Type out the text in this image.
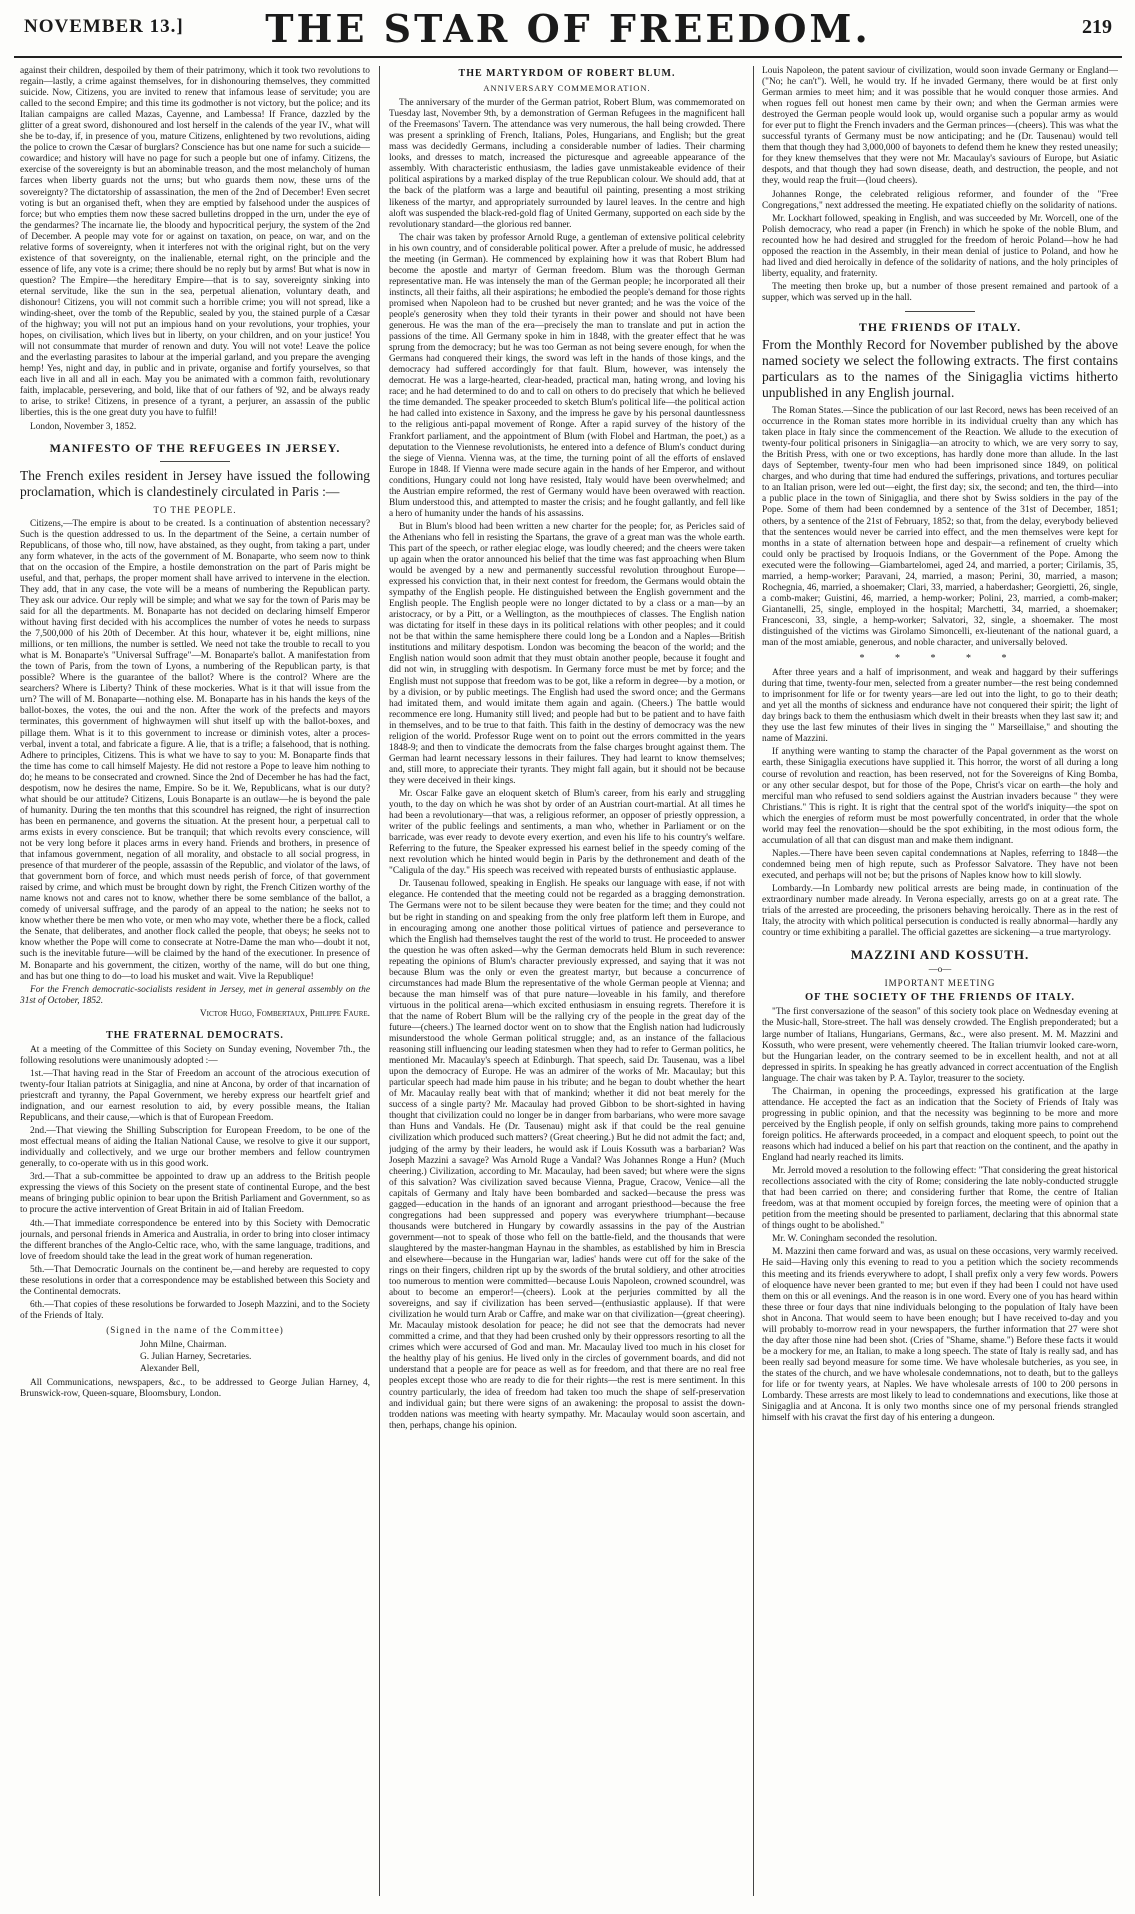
NOVEMBER 13.]	THE STAR OF FREEDOM.	219

against their children, despoiled by them of their patrimony, which it took two revolutions to regain—lastly, a crime against themselves, for in dishonouring themselves, they committed suicide. Now, Citizens, you are invited to renew that infamous lease of servitude; you are called to the second Empire; and this time its godmother is not victory, but the police; and its Italian campaigns are called Mazas, Cayenne, and Lambessa! If France, dazzled by the glitter of a great sword, dishonoured and lost herself in the calends of the year IV., what will she be to-day, if, in presence of you, mature Citizens, enlightened by two revolutions, aiding the police to crown the Cæsar of burglars? Conscience has but one name for such a suicide—cowardice; and history will have no page for such a people but one of infamy. Citizens, the exercise of the sovereignty is but an abominable treason, and the most melancholy of human farces when liberty guards not the urns; but who guards them now, these urns of the sovereignty? The dictatorship of assassination, the men of the 2nd of December! Even secret voting is but an organised theft, when they are emptied by falsehood under the auspices of force; but who empties them now these sacred bulletins dropped in the urn, under the eye of the gendarmes? The incarnate lie, the bloody and hypocritical perjury, the system of the 2nd of December. A people may vote for or against on taxation, on peace, on war, and on the relative forms of sovereignty, when it interferes not with the original right, but on the very existence of that sovereignty, on the inalienable, eternal right, on the principle and the essence of life, any vote is a crime; there should be no reply but by arms! But what is now in question? The Empire—the hereditary Empire—that is to say, sovereignty sinking into eternal servitude, like the sun in the sea, perpetual alienation, voluntary death, and dishonour! Citizens, you will not commit such a horrible crime; you will not spread, like a winding-sheet, over the tomb of the Republic, sealed by you, the stained purple of a Cæsar of the highway; you will not put an impious hand on your revolutions, your trophies, your hopes, on civilisation, which lives but in liberty, on your children, and on your justice! You will not consummate that murder of renown and duty. You will not vote! Leave the police and the everlasting parasites to labour at the imperial garland, and you prepare the avenging hemp! Yes, night and day, in public and in private, organise and fortify yourselves, so that each live in all and all in each. May you be animated with a common faith, revolutionary faith, implacable, persevering, and bold, like that of our fathers of '92, and be always ready to arise, to strike! Citizens, in presence of a tyrant, a perjurer, an assassin of the public liberties, this is the one great duty you have to fulfil!

London, November 3, 1852.

MANIFESTO OF THE REFUGEES IN JERSEY.
The French exiles resident in Jersey have issued the following proclamation, which is clandestinely circulated in Paris :—
TO THE PEOPLE.

Citizens,—The empire is about to be created. Is a continuation of abstention necessary? Such is the question addressed to us. In the department of the Seine, a certain number of Republicans, of those who, till now, have abstained, as they ought, from taking a part, under any form whatever, in the acts of the government of M. Bonaparte, who seem now to think that on the occasion of the Empire, a hostile demonstration on the part of Paris might be useful, and that, perhaps, the proper moment shall have arrived to intervene in the election. They add, that in any case, the vote will be a means of numbering the Republican party. They ask our advice. Our reply will be simple; and what we say for the town of Paris may be said for all the departments. M. Bonaparte has not decided on declaring himself Emperor without having first decided with his accomplices the number of votes he needs to surpass the 7,500,000 of his 20th of December. At this hour, whatever it be, eight millions, nine millions, or ten millions, the number is settled. We need not take the trouble to recall to you what is M. Bonaparte's "Universal Suffrage"—M. Bonaparte's ballot. A manifestation from the town of Paris, from the town of Lyons, a numbering of the Republican party, is that possible? Where is the guarantee of the ballot? Where is the control? Where are the searchers? Where is Liberty? Think of these mockeries. What is it that will issue from the urn? The will of M. Bonaparte—nothing else. M. Bonaparte has in his hands the keys of the ballot-boxes, the votes, the oui and the non. After the work of the prefects and mayors terminates, this government of highwaymen will shut itself up with the ballot-boxes, and pillage them. What is it to this government to increase or diminish votes, alter a proces-verbal, invent a total, and fabricate a figure. A lie, that is a trifle; a falsehood, that is nothing. Adhere to principles, Citizens. This is what we have to say to you: M. Bonaparte finds that the time has come to call himself Majesty. He did not restore a Pope to leave him nothing to do; he means to be consecrated and crowned. Since the 2nd of December he has had the fact, despotism, now he desires the name, Empire. So be it. We, Republicans, what is our duty? what should be our attitude? Citizens, Louis Bonaparte is an outlaw—he is beyond the pale of humanity. During the ten months that this scoundrel has reigned, the right of insurrection has been en permanence, and governs the situation. At the present hour, a perpetual call to arms exists in every conscience. But be tranquil; that which revolts every conscience, will not be very long before it places arms in every hand. Friends and brothers, in presence of that infamous government, negation of all morality, and obstacle to all social progress, in presence of that murderer of the people, assassin of the Republic, and violator of the laws, of that government born of force, and which must needs perish of force, of that government raised by crime, and which must be brought down by right, the French Citizen worthy of the name knows not and cares not to know, whether there be some semblance of the ballot, a comedy of universal suffrage, and the parody of an appeal to the nation; he seeks not to know whether there be men who vote, or men who may vote, whether there be a flock, called the Senate, that deliberates, and another flock called the people, that obeys; he seeks not to know whether the Pope will come to consecrate at Notre-Dame the man who—doubt it not, such is the inevitable future—will be claimed by the hand of the executioner. In presence of M. Bonaparte and his government, the citizen, worthy of the name, will do but one thing, and has but one thing to do—to load his musket and wait. Vive la Republique!

For the French democratic-socialists resident in Jersey, met in general assembly on the 31st of October, 1852.

Victor Hugo, Fombertaux, Philippe Faure.
THE FRATERNAL DEMOCRATS.

At a meeting of the Committee of this Society on Sunday evening, November 7th., the following resolutions were unanimously adopted :—

1st.—That having read in the Star of Freedom an account of the atrocious execution of twenty-four Italian patriots at Sinigaglia, and nine at Ancona, by order of that incarnation of priestcraft and tyranny, the Papal Government, we hereby express our heartfelt grief and indignation, and our earnest resolution to aid, by every possible means, the Italian Republicans, and their cause,—which is that of European Freedom.

2nd.—That viewing the Shilling Subscription for European Freedom, to be one of the most effectual means of aiding the Italian National Cause, we resolve to give it our support, individually and collectively, and we urge our brother members and fellow countrymen generally, to co-operate with us in this good work.

3rd.—That a sub-committee be appointed to draw up an address to the British people expressing the views of this Society on the present state of continental Europe, and the best means of bringing public opinion to bear upon the British Parliament and Government, so as to procure the active intervention of Great Britain in aid of Italian Freedom.

4th.—That immediate correspondence be entered into by this Society with Democratic journals, and personal friends in America and Australia, in order to bring into closer intimacy the different branches of the Anglo-Celtic race, who, with the same language, traditions, and love of freedom should take the lead in the great work of human regeneration.

5th.—That Democratic Journals on the continent be,—and hereby are requested to copy these resolutions in order that a correspondence may be established between this Society and the Continental democrats.

6th.—That copies of these resolutions be forwarded to Joseph Mazzini, and to the Society of the Friends of Italy.

(Signed in the name of the Committee)
John Milne, Chairman.
G. Julian Harney, Secretaries.
Alexander Bell,

All Communications, newspapers, &c., to be addressed to George Julian Harney, 4, Brunswick-row, Queen-square, Bloomsbury, London.

THE MARTYRDOM OF ROBERT BLUM.
ANNIVERSARY COMMEMORATION.

The anniversary of the murder of the German patriot, Robert Blum, was commemorated on Tuesday last, November 9th, by a demonstration of German Refugees in the magnificent hall of the Freemasons' Tavern. The attendance was very numerous, the hall being crowded. There was present a sprinkling of French, Italians, Poles, Hungarians, and English; but the great mass was decidedly Germans, including a considerable number of ladies. Their charming looks, and dresses to match, increased the picturesque and agreeable appearance of the assembly. With characteristic enthusiasm, the ladies gave unmistakeable evidence of their political aspirations by a marked display of the true Republican colour. We should add, that at the back of the platform was a large and beautiful oil painting, presenting a most striking likeness of the martyr, and appropriately surrounded by laurel leaves. In the centre and high aloft was suspended the black-red-gold flag of United Germany, supported on each side by the revolutionary standard—the glorious red banner.

The chair was taken by professor Arnold Ruge, a gentleman of extensive political celebrity in his own country, and of considerable political power. After a prelude of music, he addressed the meeting (in German). He commenced by explaining how it was that Robert Blum had become the apostle and martyr of German freedom. Blum was the thorough German representative man. He was intensely the man of the German people; he incorporated all their instincts, all their faiths, all their aspirations; he embodied the people's demand for those rights promised when Napoleon had to be crushed but never granted; and he was the voice of the people's generosity when they told their tyrants in their power and should not have been generous. He was the man of the era—precisely the man to translate and put in action the passions of the time. All Germany spoke in him in 1848, with the greater effect that he was sprung from the democracy; but he was too German as not being severe enough, for when the Germans had conquered their kings, the sword was left in the hands of those kings, and the democracy had suffered accordingly for that fault. Blum, however, was intensely the democrat. He was a large-hearted, clear-headed, practical man, hating wrong, and loving his race; and he had determined to do and to call on others to do precisely that which he believed the time demanded. The speaker proceeded to sketch Blum's political life—the political action he had called into existence in Saxony, and the impress he gave by his personal dauntlessness to the religious anti-papal movement of Ronge. After a rapid survey of the history of the Frankfort parliament, and the appointment of Blum (with Flobel and Hartman, the poet,) as a deputation to the Viennese revolutionists, he entered into a defence of Blum's conduct during the siege of Vienna. Vienna was, at the time, the turning point of all the efforts of enslaved Europe in 1848. If Vienna were made secure again in the hands of her Emperor, and without conditions, Hungary could not long have resisted, Italy would have been overwhelmed; and the Austrian empire reformed, the rest of Germany would have been overawed with reaction. Blum understood this, and attempted to master the crisis; and he fought gallantly, and fell like a hero of humanity under the hands of his assassins.

But in Blum's blood had been written a new charter for the people; for, as Pericles said of the Athenians who fell in resisting the Spartans, the grave of a great man was the whole earth. This part of the speech, or rather elegiac eloge, was loudly cheered; and the cheers were taken up again when the orator announced his belief that the time was fast approaching when Blum would be avenged by a new and permanently successful revolution throughout Europe—expressed his conviction that, in their next contest for freedom, the Germans would obtain the sympathy of the English people. He distinguished between the English government and the English people. The English people were no longer dictated to by a class or a man—by an aristocracy, or by a Pitt, or a Wellington, as the mouthpieces of classes. The English nation was dictating for itself in these days in its political relations with other peoples; and it could not be that within the same hemisphere there could long be a London and a Naples—British institutions and military despotism. London was becoming the beacon of the world; and the English nation would soon admit that they must obtain another people, because it fought and did not win, in struggling with despotism. In Germany force must be met by force; and the English must not suppose that freedom was to be got, like a reform in degree—by a motion, or by a division, or by public meetings. The English had used the sword once; and the Germans had imitated them, and would imitate them again and again. (Cheers.) The battle would recommence ere long. Humanity still lived; and people had but to be patient and to have faith in themselves, and to be true to that faith. This faith in the destiny of democracy was the new religion of the world. Professor Ruge went on to point out the errors committed in the years 1848-9; and then to vindicate the democrats from the false charges brought against them. The German had learnt necessary lessons in their failures. They had learnt to know themselves; and, still more, to appreciate their tyrants. They might fall again, but it should not be because they were deceived in their kings.

Mr. Oscar Falke gave an eloquent sketch of Blum's career, from his early and struggling youth, to the day on which he was shot by order of an Austrian court-martial. At all times he had been a revolutionary—that was, a religious reformer, an opposer of priestly oppression, a writer of the public feelings and sentiments, a man who, whether in Parliament or on the barricade, was ever ready to devote every exertion, and even his life to his country's welfare. Referring to the future, the Speaker expressed his earnest belief in the speedy coming of the next revolution which he hinted would begin in Paris by the dethronement and death of the "Caligula of the day." His speech was received with repeated bursts of enthusiastic applause.

Dr. Tausenau followed, speaking in English. He speaks our language with ease, if not with elegance. He contended that the meeting could not be regarded as a bragging demonstration. The Germans were not to be silent because they were beaten for the time; and they could not but be right in standing on and speaking from the only free platform left them in Europe, and in encouraging among one another those political virtues of patience and perseverance to which the English had themselves taught the rest of the world to trust. He proceeded to answer the question he was often asked—why the German democrats held Blum in such reverence: repeating the opinions of Blum's character previously expressed, and saying that it was not because Blum was the only or even the greatest martyr, but because a concurrence of circumstances had made Blum the representative of the whole German people at Vienna; and because the man himself was of that pure nature—loveable in his family, and therefore virtuous in the political arena—which excited enthusiasm in ensuing regrets. Therefore it is that the name of Robert Blum will be the rallying cry of the people in the great day of the future—(cheers.) The learned doctor went on to show that the English nation had ludicrously misunderstood the whole German political struggle; and, as an instance of the fallacious reasoning still influencing our leading statesmen when they had to refer to German politics, he mentioned Mr. Macaulay's speech at Edinburgh. That speech, said Dr. Tausenau, was a libel upon the democracy of Europe. He was an admirer of the works of Mr. Macaulay; but this particular speech had made him pause in his tribute; and he began to doubt whether the heart of Mr. Macaulay really beat with that of mankind; whether it did not beat merely for the success of a single party? Mr. Macaulay had proved Gibbon to be short-sighted in having thought that civilization could no longer be in danger from barbarians, who were more savage than Huns and Vandals. He (Dr. Tausenau) might ask if that could be the real genuine civilization which produced such matters? (Great cheering.) But he did not admit the fact; and, judging of the army by their leaders, he would ask if Louis Kossuth was a barbarian? Was Joseph Mazzini a savage? Was Arnold Ruge a Vandal? Was Johannes Ronge a Hun? (Much cheering.) Civilization, according to Mr. Macaulay, had been saved; but where were the signs of this salvation? Was civilization saved because Vienna, Prague, Cracow, Venice—all the capitals of Germany and Italy have been bombarded and sacked—because the press was gagged—education in the hands of an ignorant and arrogant priesthood—because the free congregations had been suppressed and popery was everywhere triumphant—because thousands were butchered in Hungary by cowardly assassins in the pay of the Austrian government—not to speak of those who fell on the battle-field, and the thousands that were slaughtered by the master-hangman Haynau in the shambles, as established by him in Brescia and elsewhere—because in the Hungarian war, ladies' hands were cut off for the sake of the rings on their fingers, children ript up by the swords of the brutal soldiery, and other atrocities too numerous to mention were committed—because Louis Napoleon, crowned scoundrel, was about to become an emperor!—(cheers). Look at the perjuries committed by all the sovereigns, and say if civilization has been served—(enthusiastic applause). If that were civilization he would turn Arab or Caffre, and make war on that civilization—(great cheering). Mr. Macaulay mistook desolation for peace; he did not see that the democrats had never committed a crime, and that they had been crushed only by their oppressors resorting to all the crimes which were accursed of God and man. Mr. Macaulay lived too much in his closet for the healthy play of his genius. He lived only in the circles of government boards, and did not understand that a people are for peace as well as for freedom, and that there are no real free peoples except those who are ready to die for their rights—the rest is mere sentiment. In this country particularly, the idea of freedom had taken too much the shape of self-preservation and individual gain; but there were signs of an awakening: the proposal to assist the down-trodden nations was meeting with hearty sympathy. Mr. Macaulay would soon ascertain, and then, perhaps, change his opinion.

Louis Napoleon, the patent saviour of civilization, would soon invade Germany or England—("No; he can't"). Well, he would try. If he invaded Germany, there would be at first only German armies to meet him; and it was possible that he would conquer those armies. And when rogues fell out honest men came by their own; and when the German armies were destroyed the German people would look up, would organise such a popular army as would for ever put to flight the French invaders and the German princes—(cheers). This was what the successful tyrants of Germany must be now anticipating; and he (Dr. Tausenau) would tell them that though they had 3,000,000 of bayonets to defend them he knew they rested uneasily; for they knew themselves that they were not Mr. Macaulay's saviours of Europe, but Asiatic despots, and that though they had sown disease, death, and destruction, the people, and not they, would reap the fruit—(loud cheers).

Johannes Ronge, the celebrated religious reformer, and founder of the "Free Congregations," next addressed the meeting. He expatiated chiefly on the solidarity of nations.

Mr. Lockhart followed, speaking in English, and was succeeded by Mr. Worcell, one of the Polish democracy, who read a paper (in French) in which he spoke of the noble Blum, and recounted how he had desired and struggled for the freedom of heroic Poland—how he had opposed the reaction in the Assembly, in their mean denial of justice to Poland, and how he had lived and died heroically in defence of the solidarity of nations, and the holy principles of liberty, equality, and fraternity.

The meeting then broke up, but a number of those present remained and partook of a supper, which was served up in the hall.

THE FRIENDS OF ITALY.
From the Monthly Record for November published by the above named society we select the following extracts. The first contains particulars as to the names of the Sinigaglia victims hitherto unpublished in any English journal.

The Roman States.—Since the publication of our last Record, news has been received of an occurrence in the Roman states more horrible in its individual cruelty than any which has taken place in Italy since the commencement of the Reaction. We allude to the execution of twenty-four political prisoners in Sinigaglia—an atrocity to which, we are very sorry to say, the British Press, with one or two exceptions, has hardly done more than allude. In the last days of September, twenty-four men who had been imprisoned since 1849, on political charges, and who during that time had endured the sufferings, privations, and tortures peculiar to an Italian prison, were led out—eight, the first day; six, the second; and ten, the third—into a public place in the town of Sinigaglia, and there shot by Swiss soldiers in the pay of the Pope. Some of them had been condemned by a sentence of the 31st of December, 1851; others, by a sentence of the 21st of February, 1852; so that, from the delay, everybody believed that the sentences would never be carried into effect, and the men themselves were kept for months in a state of alternation between hope and despair—a refinement of cruelty which could only be practised by Iroquois Indians, or the Government of the Pope. Among the executed were the following—Giambartelomei, aged 24, and married, a porter; Cirilamis, 35, married, a hemp-worker; Paravani, 24, married, a mason; Perini, 30, married, a mason; Rochegnia, 46, married, a shoemaker; Clari, 33, married, a haberdasher; Georgietti, 26, single, a comb-maker; Guistini, 46, married, a hemp-worker; Polini, 23, married, a comb-maker; Giantanelli, 25, single, employed in the hospital; Marchetti, 34, married, a shoemaker; Francesconi, 33, single, a hemp-worker; Salvatori, 32, single, a shoemaker. The most distinguished of the victims was Girolamo Simoncelli, ex-lieutenant of the national guard, a man of the most amiable, generous, and noble character, and universally beloved.

* * * * *

After three years and a half of imprisonment, and weak and haggard by their sufferings during that time, twenty-four men, selected from a greater number—the rest being condemned to imprisonment for life or for twenty years—are led out into the light, to go to their death; and yet all the months of sickness and endurance have not conquered their spirit; the light of day brings back to them the enthusiasm which dwelt in their breasts when they last saw it; and they use the last few minutes of their lives in singing the " Marseillaise," and shouting the name of Mazzini.

If anything were wanting to stamp the character of the Papal government as the worst on earth, these Sinigaglia executions have supplied it. This horror, the worst of all during a long course of revolution and reaction, has been reserved, not for the Sovereigns of King Bomba, or any other secular despot, but for those of the Pope, Christ's vicar on earth—the holy and merciful man who refused to send soldiers against the Austrian invaders because " they were Christians." This is right. It is right that the central spot of the world's iniquity—the spot on which the energies of reform must be most powerfully concentrated, in order that the whole world may feel the renovation—should be the spot exhibiting, in the most odious form, the accumulation of all that can disgust man and make them indignant.

Naples.—There have been seven capital condemnations at Naples, referring to 1848—the condemned being men of high repute, such as Professor Salvatore. They have not been executed, and perhaps will not be; but the prisons of Naples know how to kill slowly.

Lombardy.—In Lombardy new political arrests are being made, in continuation of the extraordinary number made already. In Verona especially, arrests go on at a great rate. The trials of the arrested are proceeding, the prisoners behaving heroically. There as in the rest of Italy, the atrocity with which political persecution is conducted is really abnormal—hardly any country or time exhibiting a parallel. The official gazettes are sickening—a true martyrology.

MAZZINI AND KOSSUTH.
—o—
IMPORTANT MEETING
OF THE SOCIETY OF THE FRIENDS OF ITALY.

"The first conversazione of the season" of this society took place on Wednesday evening at the Music-hall, Store-street. The hall was densely crowded. The English preponderated; but a large number of Italians, Hungarians, Germans, &c., were also present. M. M. Mazzini and Kossuth, who were present, were vehemently cheered. The Italian triumvir looked care-worn, but the Hungarian leader, on the contrary seemed to be in excellent health, and not at all depressed in spirits. In speaking he has greatly advanced in correct accentuation of the English language. The chair was taken by P. A. Taylor, treasurer to the society.

The Chairman, in opening the proceedings, expressed his gratification at the large attendance. He accepted the fact as an indication that the Society of Friends of Italy was progressing in public opinion, and that the necessity was beginning to be more and more perceived by the English people, if only on selfish grounds, taking more pains to comprehend foreign politics. He afterwards proceeded, in a compact and eloquent speech, to point out the reasons which had induced a belief on his part that reaction on the continent, and the apathy in England had nearly reached its limits.

Mr. Jerrold moved a resolution to the following effect: "That considering the great historical recollections associated with the city of Rome; considering the late nobly-conducted struggle that had been carried on there; and considering further that Rome, the centre of Italian freedom, was at that moment occupied by foreign forces, the meeting were of opinion that a petition from the meeting should be presented to parliament, declaring that this abnormal state of things ought to be abolished."

Mr. W. Coningham seconded the resolution.

M. Mazzini then came forward and was, as usual on these occasions, very warmly received. He said—Having only this evening to read to you a petition which the society recommends this meeting and its friends everywhere to adopt, I shall prefix only a very few words. Powers of eloquence have never been granted to me; but even if they had been I could not have used them on this or all evenings. And the reason is in one word. Every one of you has heard within these three or four days that nine individuals belonging to the population of Italy have been shot in Ancona. That would seem to have been enough; but I have received to-day and you will probably to-morrow read in your newspapers, the further information that 27 were shot the day after those nine had been shot. (Cries of "Shame, shame.") Before these facts it would be a mockery for me, an Italian, to make a long speech. The state of Italy is really sad, and has been really sad beyond measure for some time. We have wholesale butcheries, as you see, in the states of the church, and we have wholesale condemnations, not to death, but to the galleys for life or for twenty years, at Naples. We have wholesale arrests of 100 to 200 persons in Lombardy. These arrests are most likely to lead to condemnations and executions, like those at Sinigaglia and at Ancona. It is only two months since one of my personal friends strangled himself with his cravat the first day of his entering a dungeon.
